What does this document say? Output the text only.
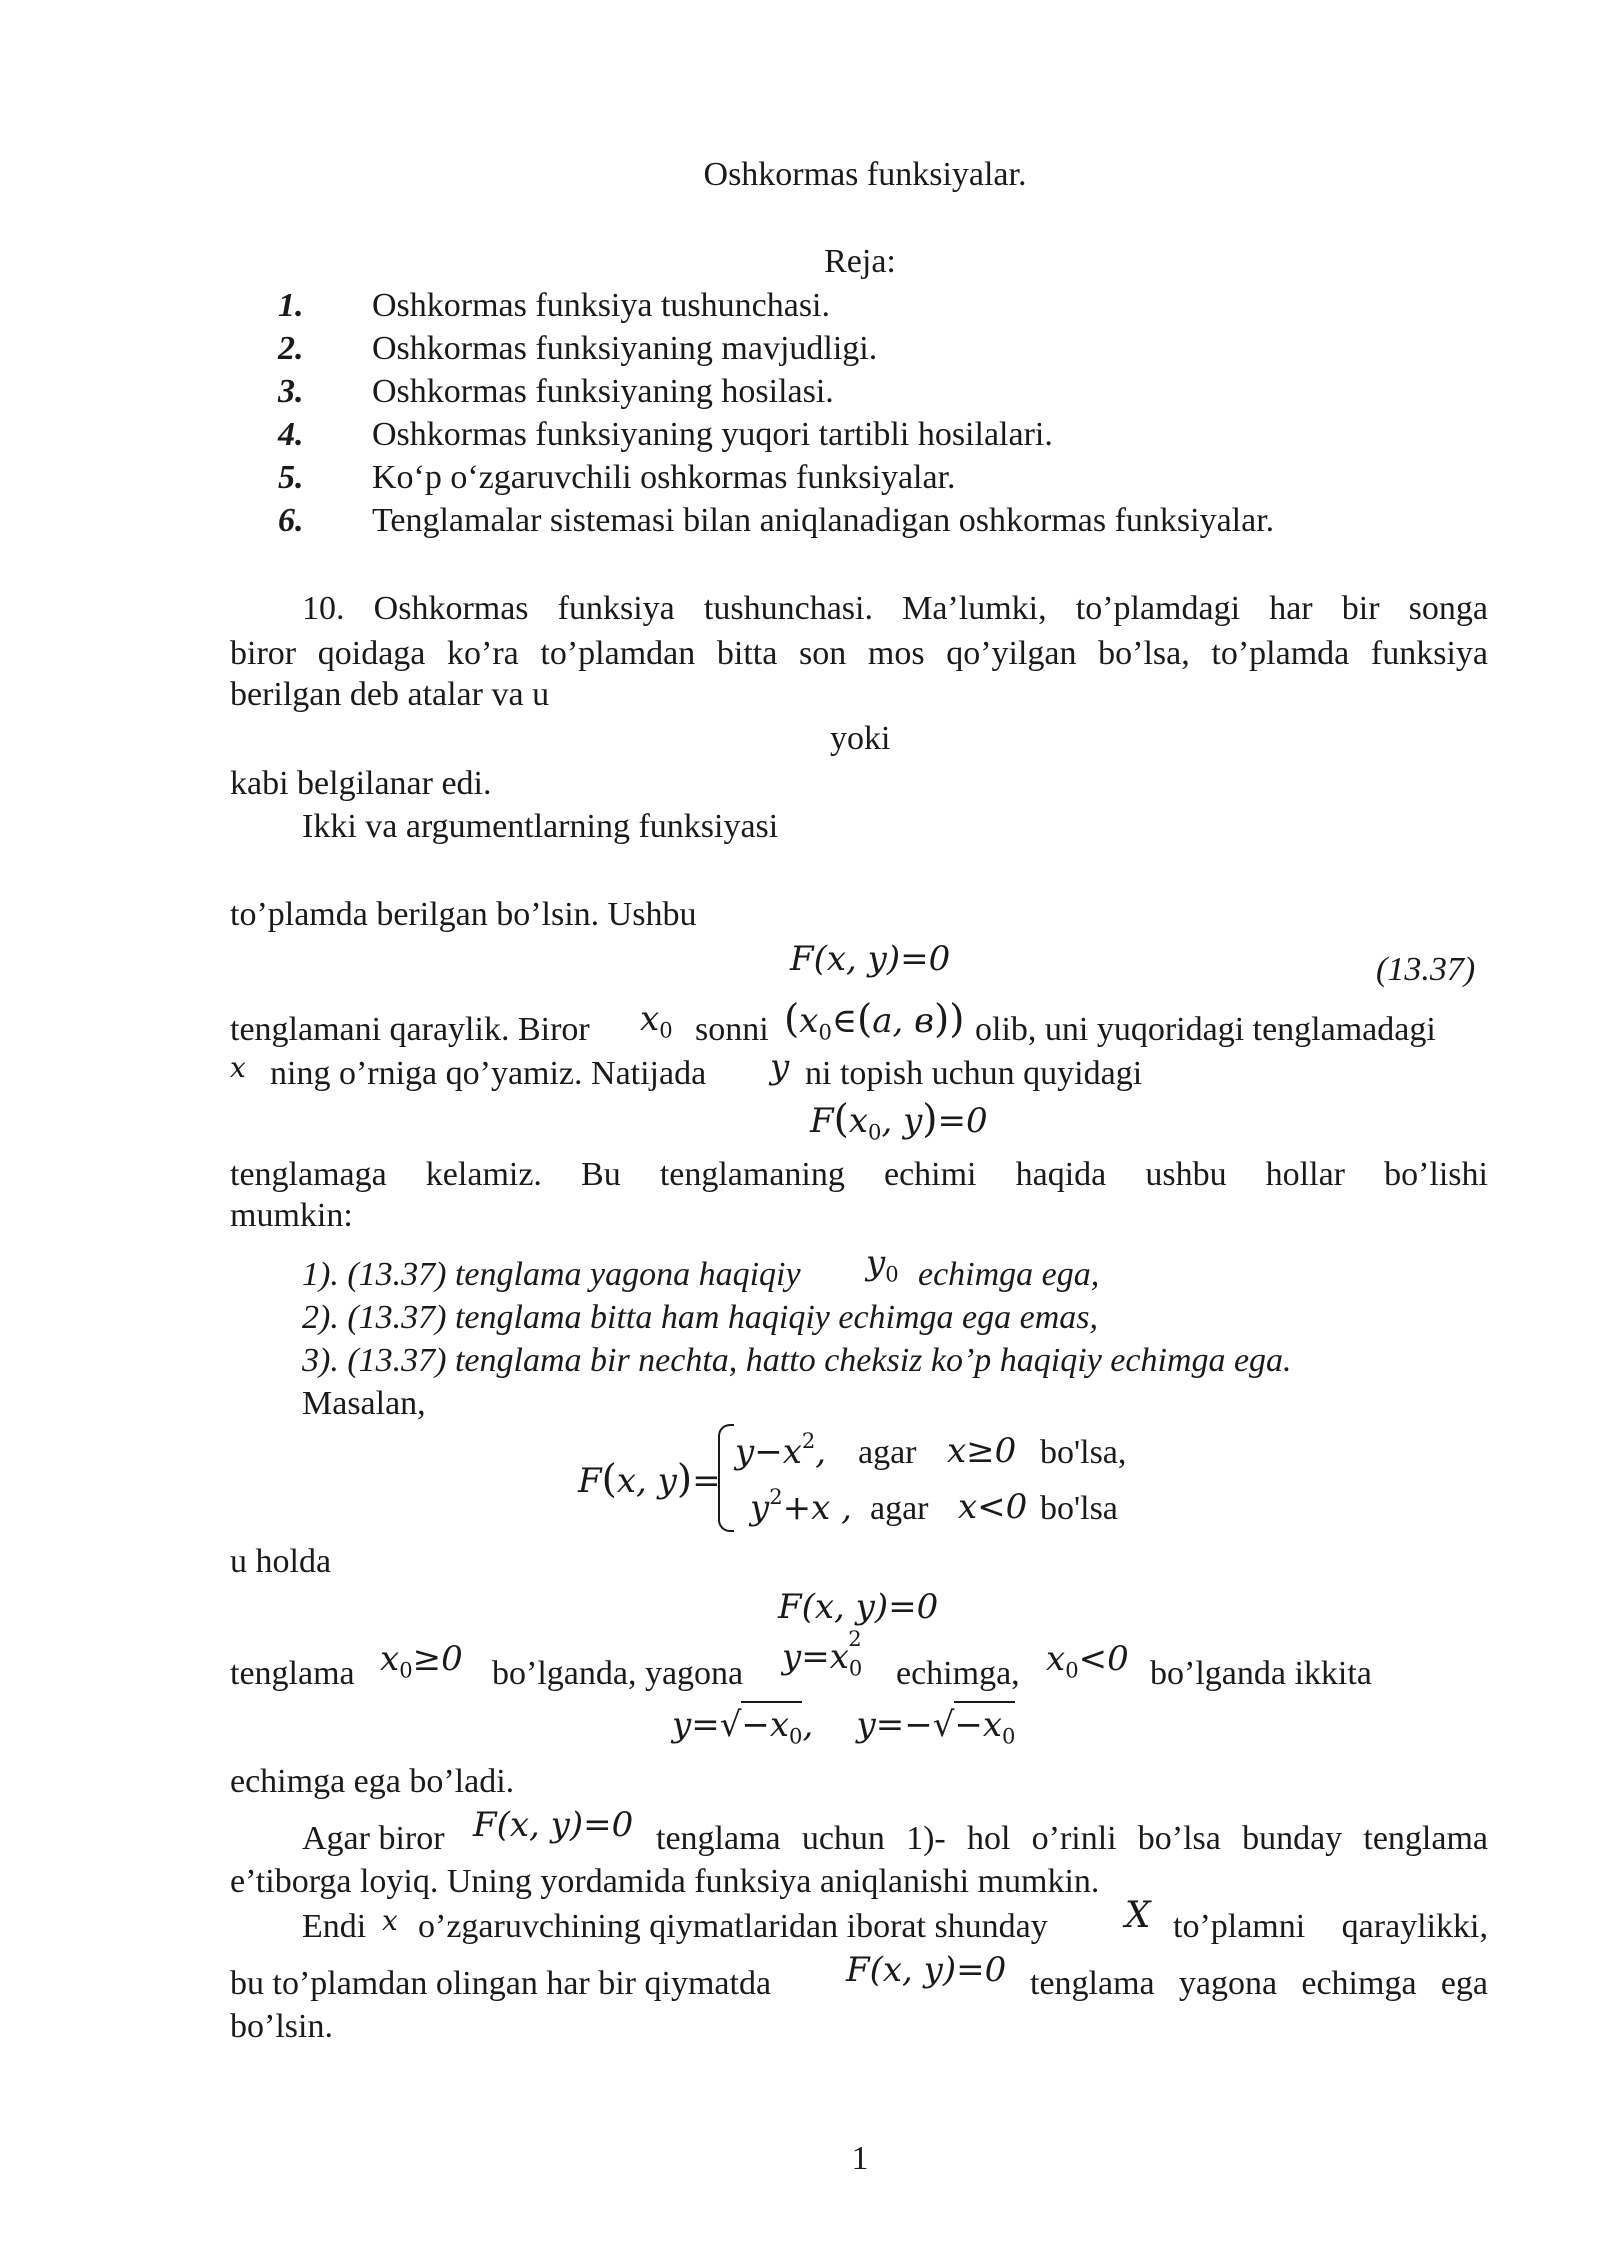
Oshkormas funksiyalar.
Reja:
1. Oshkormas funksiya tushunchasi.
2. Oshkormas funksiyaning mavjudligi.
3. Oshkormas funksiyaning hosilasi.
4. Oshkormas funksiyaning yuqori tartibli hosilalari.
5. Ko‘p o‘zgaruvchili oshkormas funksiyalar.
6. Tenglamalar sistemasi bilan aniqlanadigan oshkormas funksiyalar.
10. Oshkormas funksiya tushunchasi. Ma’lumki, to’plamdagi har bir songa
biror qoidaga ko’ra to’plamdan bitta son mos qo’yilgan bo’lsa, to’plamda funksiya
berilgan deb atalar va u
yoki
kabi belgilanar edi.
Ikki va argumentlarning funksiyasi
to’plamda berilgan bo’lsin. Ushbu
F(x, y)=0	(13.37)
tenglamani qaraylik. Biror $x_0$ sonni ($x_0\in(a$, в)) olib, uni yuqoridagi tenglamadagi
x ning o’rniga qo’yamiz. Natijada y ni topish uchun quyidagi
$F(x_0$, y)=0
tenglamaga kelamiz. Bu tenglamaning echimi haqida ushbu hollar bo’lishi
mumkin:
1). (13.37) tenglama yagona haqiqiy $y_0$ echimga ega,
2). (13.37) tenglama bitta ham haqiqiy echimga ega emas,
3). (13.37) tenglama bir nechta, hatto cheksiz ko’p haqiqiy echimga ega.
Masalan,
F(x, y)=
$y-x^2$, agar x≥0 bo'lsa,
$y^2+x$ , agar x<0 bo'lsa
u holda
F(x, y)=0
tenglama $x_0\ge 0$ bo’lganda, yagona $y=x_0^2$
echimga, $x_0<0$ bo’lganda ikkita
$y=√-x_0$,    $y=-√-x_0$
echimga ega bo’ladi.
Agar biror F(x, y)=0 tenglama uchun 1)- hol o’rinli bo’lsa bunday tenglama
e’tiborga loyiq. Uning yordamida funksiya aniqlanishi mumkin.
Endi x o’zgaruvchining qiymatlaridan iborat shunday X to’plamni qaraylikki,
bu to’plamdan olingan har bir qiymatda F(x, y)=0 tenglama yagona echimga ega
bo’lsin.
1
